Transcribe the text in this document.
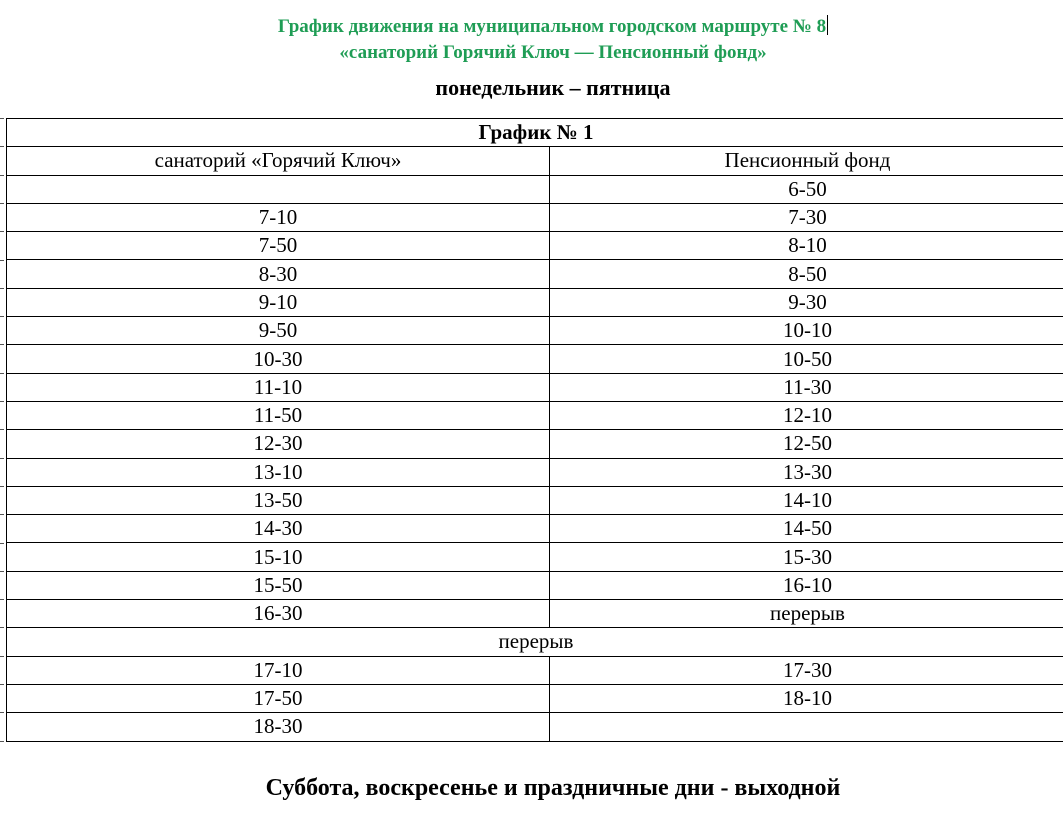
График движения на муниципальном городском маршруте № 8
«санаторий Горячий Ключ — Пенсионный фонд»
понедельник – пятница
График № 1	
санаторий «Горячий Ключ»	Пенсионный фонд
	6-50
7-10	7-30
7-50	8-10
8-30	8-50
9-10	9-30
9-50	10-10
10-30	10-50
11-10	11-30
11-50	12-10
12-30	12-50
13-10	13-30
13-50	14-10
14-30	14-50
15-10	15-30
15-50	16-10
16-30	перерыв
перерыв	
17-10	17-30
17-50	18-10
18-30	
Суббота, воскресенье и праздничные дни - выходной
